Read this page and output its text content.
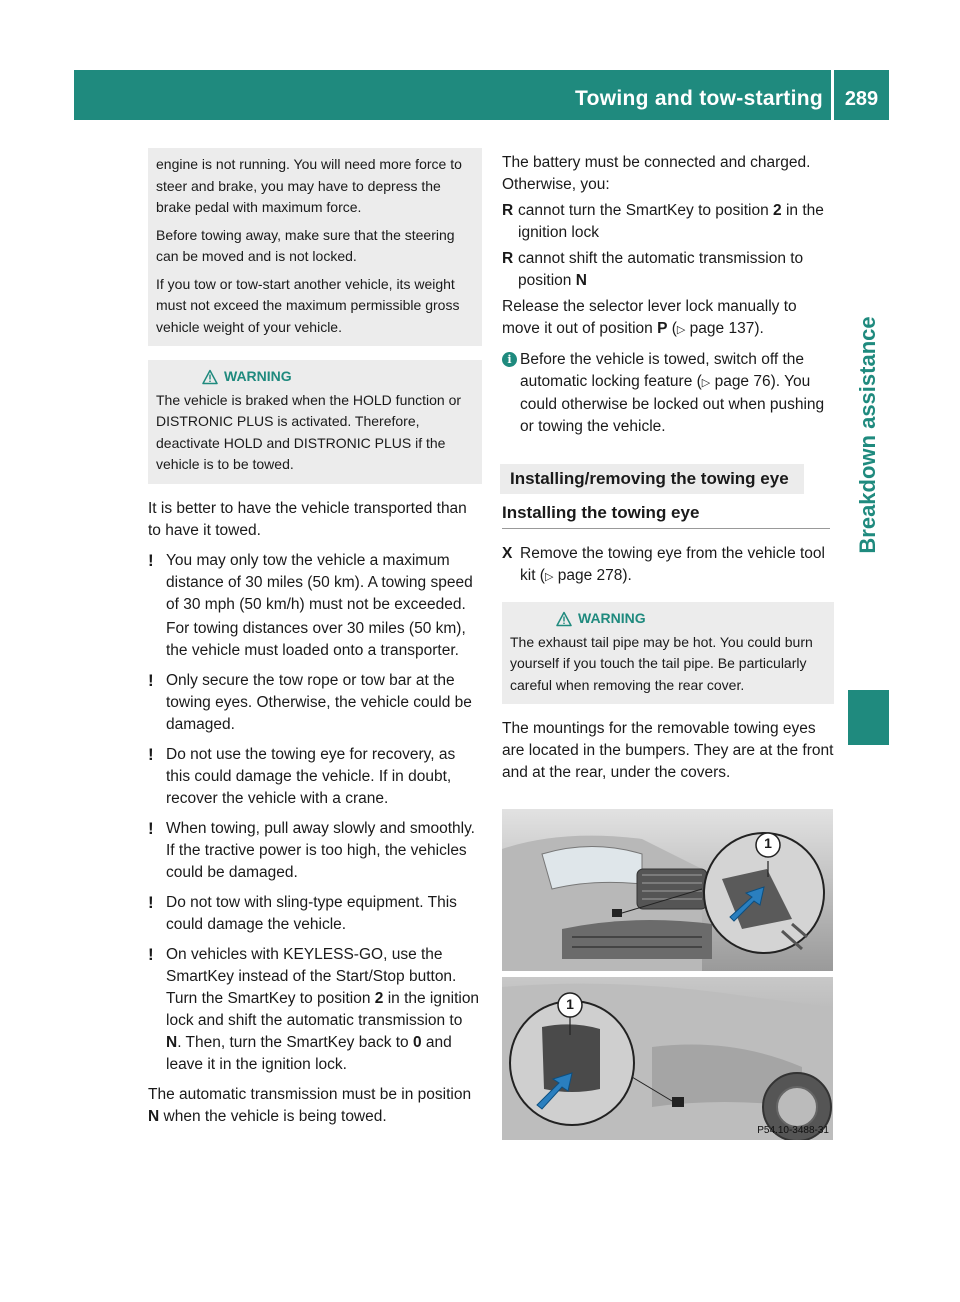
Towing and tow-starting	289
Breakdown assistance

engine is not running. You will need more force to steer and brake, you may have to depress the brake pedal with maximum force.

Before towing away, make sure that the steering can be moved and is not locked.

If you tow or tow-start another vehicle, its weight must not exceed the maximum permissible gross vehicle weight of your vehicle.

WARNING

The vehicle is braked when the HOLD function or DISTRONIC PLUS is activated. Therefore, deactivate HOLD and DISTRONIC PLUS if the vehicle is to be towed.

It is better to have the vehicle transported than to have it towed.

! You may only tow the vehicle a maximum distance of 30 miles (50 km). A towing speed of 30 mph (50 km/h) must not be exceeded.
For towing distances over 30 miles (50 km), the vehicle must loaded onto a transporter.
! Only secure the tow rope or tow bar at the towing eyes. Otherwise, the vehicle could be damaged.
! Do not use the towing eye for recovery, as this could damage the vehicle. If in doubt, recover the vehicle with a crane.
! When towing, pull away slowly and smoothly. If the tractive power is too high, the vehicles could be damaged.
! Do not tow with sling-type equipment. This could damage the vehicle.
! On vehicles with KEYLESS-GO, use the SmartKey instead of the Start/Stop button. Turn the SmartKey to position 2 in the ignition lock and shift the automatic transmission to N. Then, turn the SmartKey back to 0 and leave it in the ignition lock.

The automatic transmission must be in position N when the vehicle is being towed.

The battery must be connected and charged. Otherwise, you:

R cannot turn the SmartKey to position 2 in the ignition lock
R cannot shift the automatic transmission to position N

Release the selector lever lock manually to move it out of position P (▷ page 137).

i Before the vehicle is towed, switch off the automatic locking feature (▷ page 76). You could otherwise be locked out when pushing or towing the vehicle.
Installing/removing the towing eye
Installing the towing eye
X Remove the towing eye from the vehicle tool kit (▷ page 278).
WARNING

The exhaust tail pipe may be hot. You could burn yourself if you touch the tail pipe. Be particularly careful when removing the rear cover.

The mountings for the removable towing eyes are located in the bumpers. They are at the front and at the rear, under the covers.

1
1
P54.10-3488-31
